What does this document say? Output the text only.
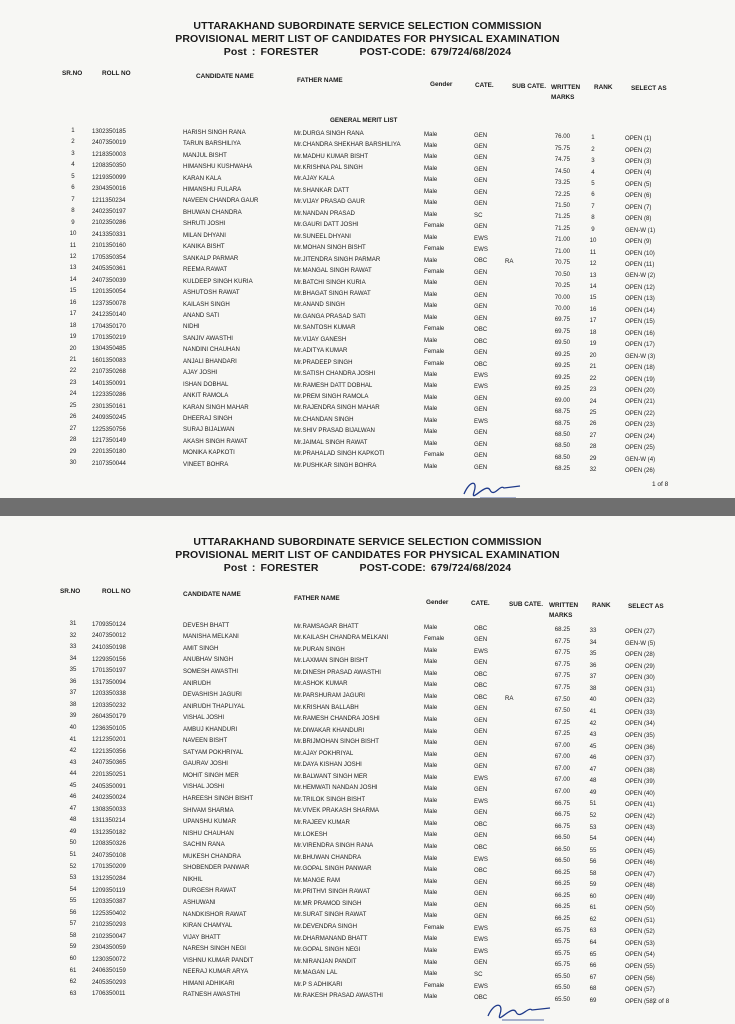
UTTARAKHAND SUBORDINATE SERVICE SELECTION COMMISSION
PROVISIONAL MERIT LIST OF CANDIDATES FOR PHYSICAL EXAMINATION
Post : FORESTER	POST-CODE: 679/724/68/2024
SR.NO	ROLL NO	CANDIDATE NAME
FATHER NAME
Gender	CATE.	SUB CATE. WRITTEN MARKS
RANK	SELECT AS
GENERAL MERIT LIST
1	1302350185	HARISH SINGH RANA	Mr.DURGA SINGH RANA	Male	GEN	76.00	1	OPEN (1)
2	2407350019	TARUN BARSHILIYA	Mr.CHANDRA SHEKHAR BARSHILIYA	Male	GEN	75.75	2	OPEN (2)
3	1218350003	MANJUL BISHT	Mr.MADHU KUMAR BISHT	Male	GEN	74.75	3	OPEN (3)
4	1208350350	HIMANSHU KUSHWAHA	Mr.KRISHNA PAL SINGH	Male	GEN	74.50	4	OPEN (4)
5	1219350099	KARAN KALA	Mr.AJAY KALA	Male	GEN	73.25	5	OPEN (5)
6	2304350016	HIMANSHU FULARA	Mr.SHANKAR DATT	Male	GEN	72.25	6	OPEN (6)
7	1211350234	NAVEEN CHANDRA GAUR	Mr.VIJAY PRASAD GAUR	Male	GEN	71.50	7	OPEN (7)
8	2402350197	BHUWAN CHANDRA	Mr.NANDAN PRASAD	Male	SC	71.25	8	OPEN (8)
9	2102350286	SHRUTI JOSHI	Mr.GAURI DATT JOSHI	Female	GEN	71.25	9	GEN-W (1)
10	2413350331	MILAN DHYANI	Mr.SUNEEL DHYANI	Male	EWS	71.00	10	OPEN (9)
11	2101350160	KANIKA BISHT	Mr.MOHAN SINGH BISHT	Female	EWS	71.00	11	OPEN (10)
12	1705350354	SANKALP PARMAR	Mr.JITENDRA SINGH PARMAR	Male	OBC	RA	70.75	12	OPEN (11)
13	2405350361	REEMA RAWAT	Mr.MANGAL SINGH RAWAT	Female	GEN	70.50	13	GEN-W (2)
14	2407350039	KULDEEP SINGH KURIA	Mr.BATCHI SINGH KURIA	Male	GEN	70.25	14	OPEN (12)
15	1201350054	ASHUTOSH RAWAT	Mr.BHAGAT SINGH RAWAT	Male	GEN	70.00	15	OPEN (13)
16	1237350078	KAILASH SINGH	Mr.ANAND SINGH	Male	GEN	70.00	16	OPEN (14)
17	2412350140	ANAND SATI	Mr.GANGA PRASAD SATI	Male	GEN	69.75	17	OPEN (15)
18	1704350170	NIDHI	Mr.SANTOSH KUMAR	Female	OBC	69.75	18	OPEN (16)
19	1701350219	SANJIV AWASTHI	Mr.VIJAY GANESH	Male	OBC	69.50	19	OPEN (17)
20	1304350485	NANDINI CHAUHAN	Mr.ADITYA KUMAR	Female	GEN	69.25	20	GEN-W (3)
21	1601350083	ANJALI BHANDARI	Mr.PRADEEP SINGH	Female	OBC	69.25	21	OPEN (18)
22	2107350268	AJAY JOSHI	Mr.SATISH CHANDRA JOSHI	Male	EWS	69.25	22	OPEN (19)
23	1401350091	ISHAN DOBHAL	Mr.RAMESH DATT DOBHAL	Male	EWS	69.25	23	OPEN (20)
24	1223350286	ANKIT RAMOLA	Mr.PREM SINGH RAMOLA	Male	GEN	69.00	24	OPEN (21)
25	2301350161	KARAN SINGH MAHAR	Mr.RAJENDRA SINGH MAHAR	Male	GEN	68.75	25	OPEN (22)
26	2409350245	DHEERAJ SINGH	Mr.CHANDAN SINGH	Male	EWS	68.75	26	OPEN (23)
27	1225350756	SURAJ BIJALWAN	Mr.SHIV PRASAD BIJALWAN	Male	GEN	68.50	27	OPEN (24)
28	1217350149	AKASH SINGH RAWAT	Mr.JAIMAL SINGH RAWAT	Male	GEN	68.50	28	OPEN (25)
29	2201350180	MONIKA KAPKOTI	Mr.PRAHALAD SINGH KAPKOTI	Female	GEN	68.50	29	GEN-W (4)
30	2107350044	VINEET BOHRA	Mr.PUSHKAR SINGH BOHRA	Male	GEN	68.25	32	OPEN (26)
1 of 8
UTTARAKHAND SUBORDINATE SERVICE SELECTION COMMISSION
PROVISIONAL MERIT LIST OF CANDIDATES FOR PHYSICAL EXAMINATION
Post : FORESTER	POST-CODE: 679/724/68/2024
SR.NO	ROLL NO	CANDIDATE NAME
FATHER NAME
Gender	CATE.	SUB CATE. WRITTEN MARKS
RANK	SELECT AS
31	1709350124	DEVESH BHATT	Mr.RAMSAGAR BHATT	Male	OBC	68.25	33	OPEN (27)
32	2407350012	MANISHA MELKANI	Mr.KAILASH CHANDRA MELKANI	Female	GEN	67.75	34	GEN-W (5)
33	2410350198	AMIT SINGH	Mr.PURAN SINGH	Male	EWS	67.75	35	OPEN (28)
34	1229350156	ANUBHAV SINGH	Mr.LAXMAN SINGH BISHT	Male	GEN	67.75	36	OPEN (29)
35	1701350197	SOMESH AWASTHI	Mr.DINESH PRASAD AWASTHI	Male	OBC	67.75	37	OPEN (30)
36	1317350094	ANIRUDH	Mr.ASHOK KUMAR	Male	OBC	67.75	38	OPEN (31)
37	1203350338	DEVASHISH JAGURI	Mr.PARSHURAM JAGURI	Male	OBC	RA	67.50	40	OPEN (32)
38	1203350232	ANIRUDH THAPLIYAL	Mr.KRISHAN BALLABH	Male	GEN	67.50	41	OPEN (33)
39	2604350179	VISHAL JOSHI	Mr.RAMESH CHANDRA JOSHI	Male	GEN	67.25	42	OPEN (34)
40	1236350105	AMBUJ KHANDURI	Mr.DIWAKAR KHANDURI	Male	GEN	67.25	43	OPEN (35)
41	1212350201	NAVEEN BISHT	Mr.BRIJMOHAN SINGH BISHT	Male	GEN	67.00	45	OPEN (36)
42	1221350356	SATYAM POKHRIYAL	Mr.AJAY POKHRIYAL	Male	GEN	67.00	46	OPEN (37)
43	2407350365	GAURAV JOSHI	Mr.DAYA KISHAN JOSHI	Male	GEN	67.00	47	OPEN (38)
44	2201350251	MOHIT SINGH MER	Mr.BALWANT SINGH MER	Male	EWS	67.00	48	OPEN (39)
45	2405350091	VISHAL JOSHI	Mr.HEMWATI NANDAN JOSHI	Male	GEN	67.00	49	OPEN (40)
46	2402350024	HAREESH SINGH BISHT	Mr.TRILOK SINGH BISHT	Male	EWS	66.75	51	OPEN (41)
47	1308350033	SHIVAM SHARMA	Mr.VIVEK PRAKASH SHARMA	Male	GEN	66.75	52	OPEN (42)
48	1311350214	UPANSHU KUMAR	Mr.RAJEEV KUMAR	Male	OBC	66.75	53	OPEN (43)
49	1312350182	NISHU CHAUHAN	Mr.LOKESH	Male	GEN	66.50	54	OPEN (44)
50	1208350326	SACHIN RANA	Mr.VIRENDRA SINGH RANA	Male	OBC	66.50	55	OPEN (45)
51	2407350108	MUKESH CHANDRA	Mr.BHUWAN CHANDRA	Male	EWS	66.50	56	OPEN (46)
52	1701350209	SHOBENDER PANWAR	Mr.GOPAL SINGH PANWAR	Male	OBC	66.25	58	OPEN (47)
53	1312350284	NIKHIL	Mr.MANGE RAM	Male	GEN	66.25	59	OPEN (48)
54	1209350119	DURGESH RAWAT	Mr.PRITHVI SINGH RAWAT	Male	GEN	66.25	60	OPEN (49)
55	1203350387	ASHUWANI	Mr.MR PRAMOD SINGH	Male	GEN	66.25	61	OPEN (50)
56	1225350402	NANDKISHOR RAWAT	Mr.SURAT SINGH RAWAT	Male	GEN	66.25	62	OPEN (51)
57	2102350293	KIRAN CHAMYAL	Mr.DEVENDRA SINGH	Female	EWS	65.75	63	OPEN (52)
58	2102350047	VIJAY BHATT	Mr.DHARMANAND BHATT	Male	EWS	65.75	64	OPEN (53)
59	2304350059	NARESH SINGH NEGI	Mr.GOPAL SINGH NEGI	Male	EWS	65.75	65	OPEN (54)
60	1230350072	VISHNU KUMAR PANDIT	Mr.NIRANJAN PANDIT	Male	GEN	65.75	66	OPEN (55)
61	2406350159	NEERAJ KUMAR ARYA	Mr.MAGAN LAL	Male	SC	65.50	67	OPEN (56)
62	2405350293	HIMANI ADHIKARI	Mr.P S ADHIKARI	Female	EWS	65.50	68	OPEN (57)
63	1706350011	RATNESH AWASTHI	Mr.RAKESH PRASAD AWASTHI	Male	OBC	65.50	69	OPEN (58)
2 of 8
